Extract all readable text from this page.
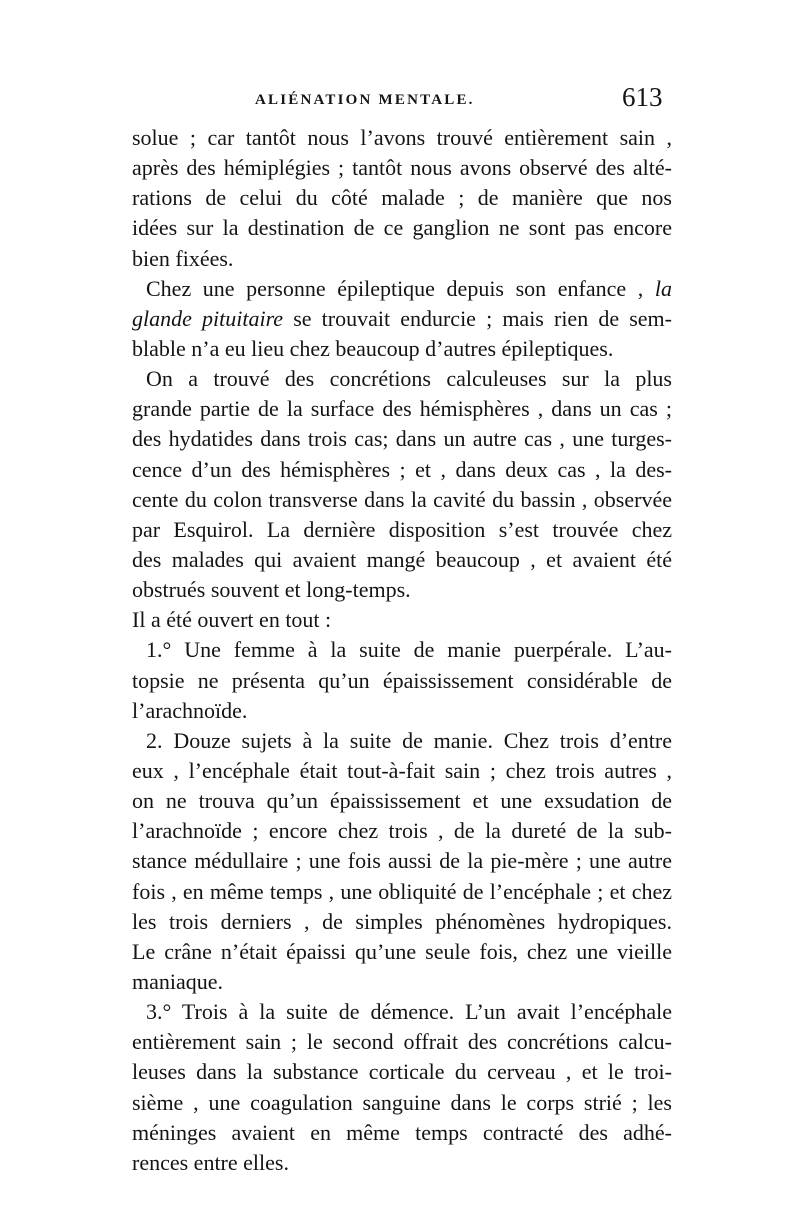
ALIÉNATION MENTALE.	613
solue ; car tantôt nous l’avons trouvé entièrement sain ,
après des hémiplégies ; tantôt nous avons observé des alté-
rations de celui du côté malade ; de manière que nos
idées sur la destination de ce ganglion ne sont pas encore
bien fixées.
Chez une personne épileptique depuis son enfance , la
glande pituitaire se trouvait endurcie ; mais rien de sem-
blable n’a eu lieu chez beaucoup d’autres épileptiques.
On a trouvé des concrétions calculeuses sur la plus
grande partie de la surface des hémisphères , dans un cas ;
des hydatides dans trois cas; dans un autre cas , une turges-
cence d’un des hémisphères ; et , dans deux cas , la des-
cente du colon transverse dans la cavité du bassin , observée
par Esquirol. La dernière disposition s’est trouvée chez
des malades qui avaient mangé beaucoup , et avaient été
obstrués souvent et long-temps.
Il a été ouvert en tout :
1.° Une femme à la suite de manie puerpérale. L’au-
topsie ne présenta qu’un épaississement considérable de
l’arachnoïde.
2. Douze sujets à la suite de manie. Chez trois d’entre
eux , l’encéphale était tout-à-fait sain ; chez trois autres ,
on ne trouva qu’un épaississement et une exsudation de
l’arachnoïde ; encore chez trois , de la dureté de la sub-
stance médullaire ; une fois aussi de la pie-mère ; une autre
fois , en même temps , une obliquité de l’encéphale ; et chez
les trois derniers , de simples phénomènes hydropiques.
Le crâne n’était épaissi qu’une seule fois, chez une vieille
maniaque.
3.° Trois à la suite de démence. L’un avait l’encéphale
entièrement sain ; le second offrait des concrétions calcu-
leuses dans la substance corticale du cerveau , et le troi-
sième , une coagulation sanguine dans le corps strié ; les
méninges avaient en même temps contracté des adhé-
rences entre elles.
